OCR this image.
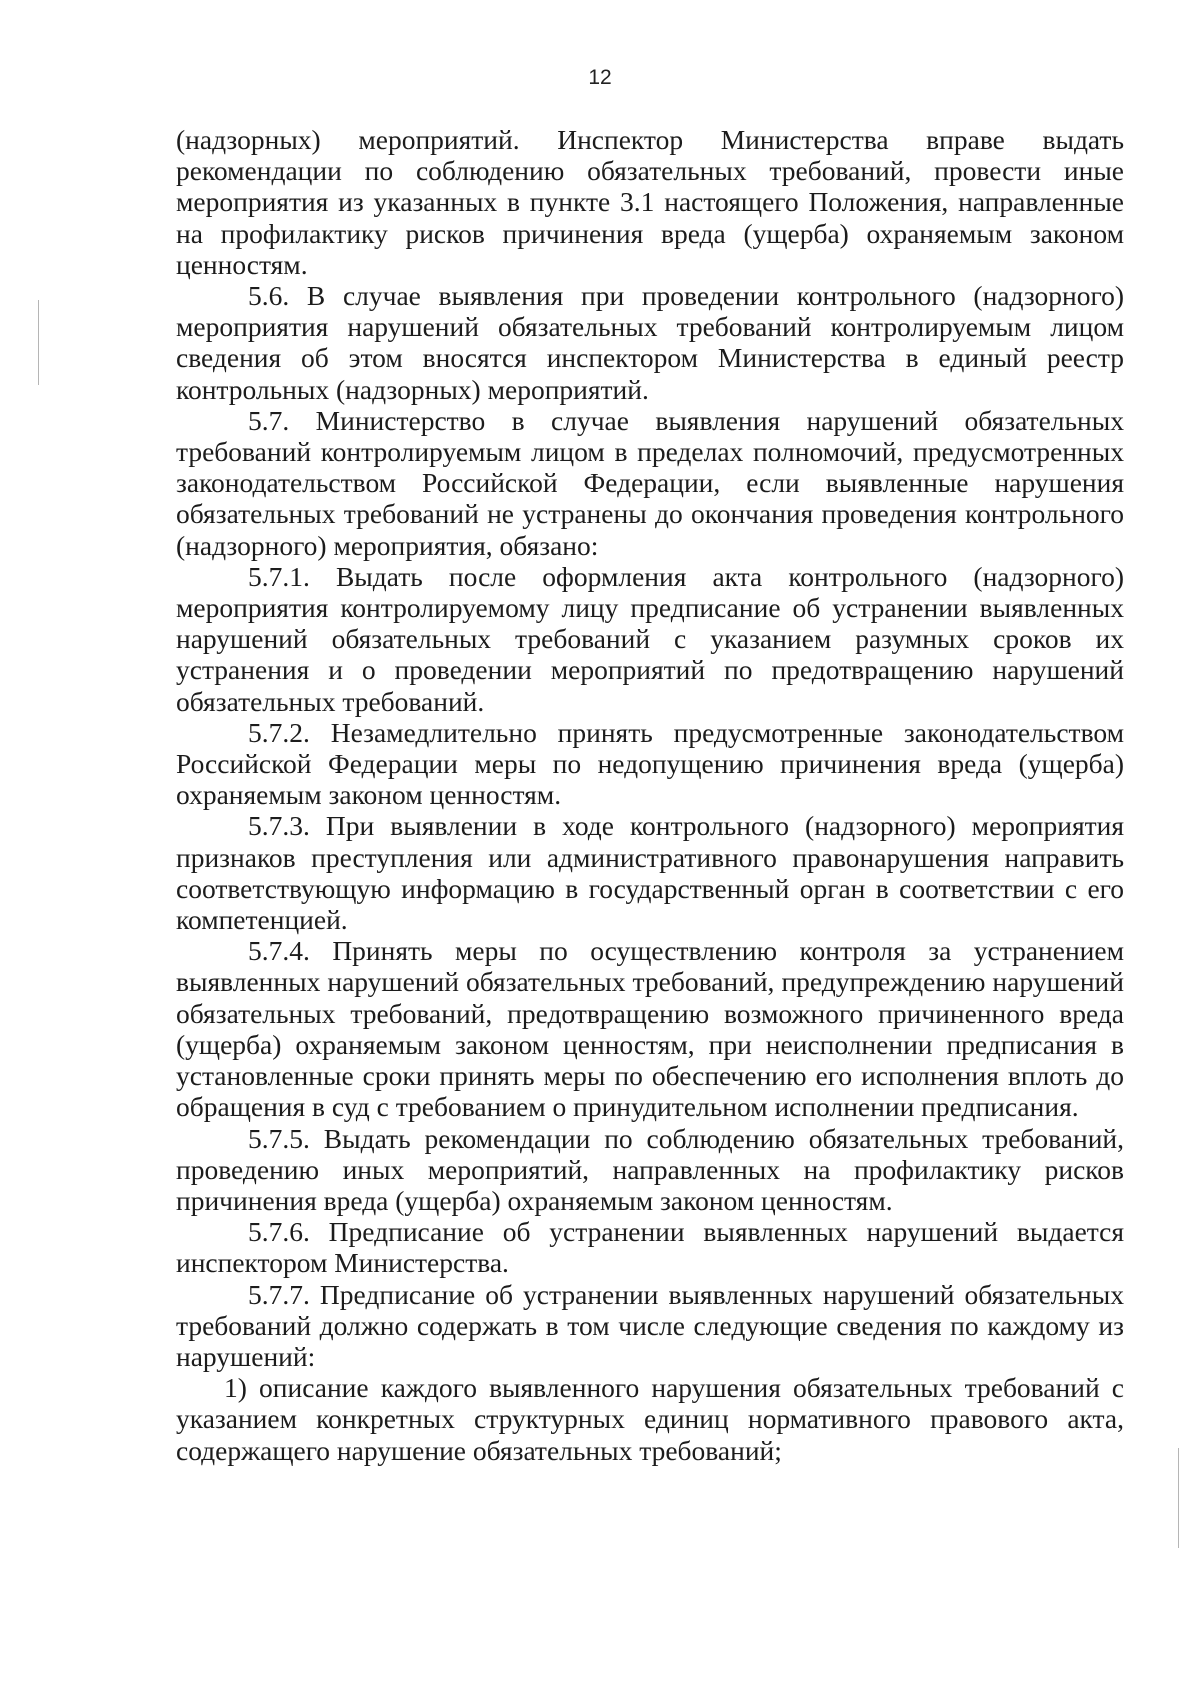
12

(надзорных) мероприятий. Инспектор Министерства вправе выдать рекомендации по соблюдению обязательных требований, провести иные мероприятия из указанных в пункте 3.1 настоящего Положения, направленные на профилактику рисков причинения вреда (ущерба) охраняемым законом ценностям.

5.6. В случае выявления при проведении контрольного (надзорного) мероприятия нарушений обязательных требований контролируемым лицом сведения об этом вносятся инспектором Министерства в единый реестр контрольных (надзорных) мероприятий.

5.7. Министерство в случае выявления нарушений обязательных требований контролируемым лицом в пределах полномочий, предусмотренных законодательством Российской Федерации, если выявленные нарушения обязательных требований не устранены до окончания проведения контрольного (надзорного) мероприятия, обязано:

5.7.1. Выдать после оформления акта контрольного (надзорного) мероприятия контролируемому лицу предписание об устранении выявленных нарушений обязательных требований с указанием разумных сроков их устранения и о проведении мероприятий по предотвращению нарушений обязательных требований.

5.7.2. Незамедлительно принять предусмотренные законодательством Российской Федерации меры по недопущению причинения вреда (ущерба) охраняемым законом ценностям.

5.7.3. При выявлении в ходе контрольного (надзорного) мероприятия признаков преступления или административного правонарушения направить соответствующую информацию в государственный орган в соответствии с его компетенцией.

5.7.4. Принять меры по осуществлению контроля за устранением выявленных нарушений обязательных требований, предупреждению нарушений обязательных требований, предотвращению возможного причиненного вреда (ущерба) охраняемым законом ценностям, при неисполнении предписания в установленные сроки принять меры по обеспечению его исполнения вплоть до обращения в суд с требованием о принудительном исполнении предписания.

5.7.5. Выдать рекомендации по соблюдению обязательных требований, проведению иных мероприятий, направленных на профилактику рисков причинения вреда (ущерба) охраняемым законом ценностям.

5.7.6. Предписание об устранении выявленных нарушений выдается инспектором Министерства.

5.7.7. Предписание об устранении выявленных нарушений обязательных требований должно содержать в том числе следующие сведения по каждому из нарушений:

1) описание каждого выявленного нарушения обязательных требований с указанием конкретных структурных единиц нормативного правового акта, содержащего нарушение обязательных требований;
